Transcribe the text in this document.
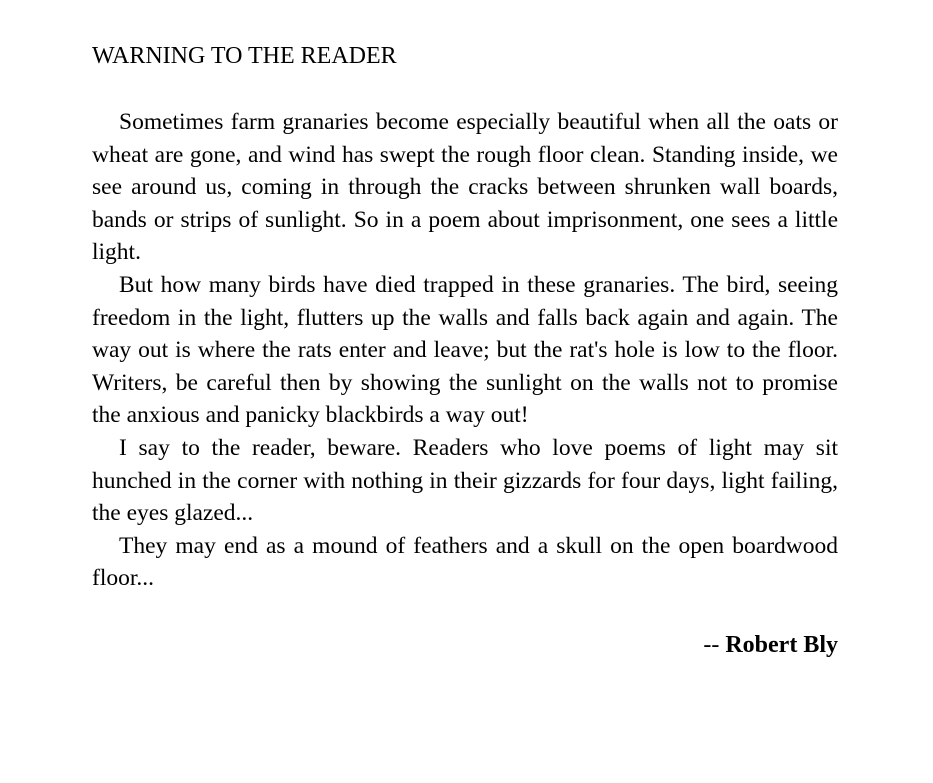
WARNING TO THE READER

Sometimes farm granaries become especially beautiful when all the oats or wheat are gone, and wind has swept the rough floor clean. Standing inside, we see around us, coming in through the cracks between shrunken wall boards, bands or strips of sunlight. So in a poem about imprisonment, one sees a little light.

But how many birds have died trapped in these granaries. The bird, seeing freedom in the light, flutters up the walls and falls back again and again. The way out is where the rats enter and leave; but the rat's hole is low to the floor. Writers, be careful then by showing the sunlight on the walls not to promise the anxious and panicky blackbirds a way out!

I say to the reader, beware. Readers who love poems of light may sit hunched in the corner with nothing in their gizzards for four days, light failing, the eyes glazed...

They may end as a mound of feathers and a skull on the open boardwood floor...

-- Robert Bly
